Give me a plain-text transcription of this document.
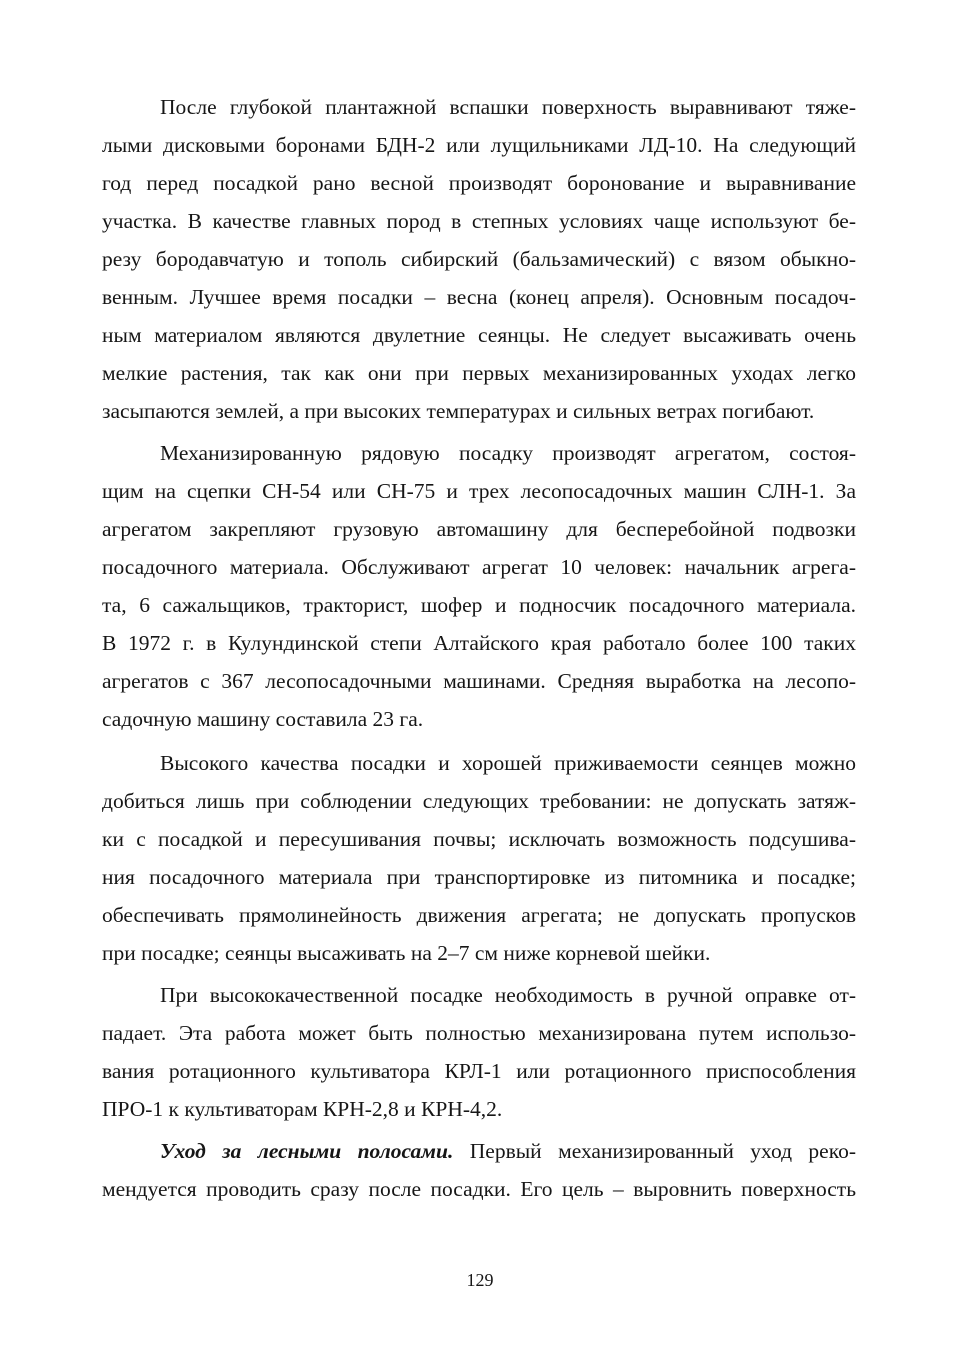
После глубокой плантажной вспашки поверхность выравнивают тяже-

лыми дисковыми боронами БДН-2 или лущильниками ЛД-10. На следующий

год перед посадкой рано весной производят боронование и выравнивание

участка. В качестве главных пород в степных условиях чаще используют бе-

резу бородавчатую и тополь сибирский (бальзамический) с вязом обыкно-

венным. Лучшее время посадки – весна (конец апреля). Основным посадоч-

ным материалом являются двулетние сеянцы. Не следует высаживать очень

мелкие растения, так как они при первых механизированных уходах легко

засыпаются землей, а при высоких температурах и сильных ветрах погибают.

Механизированную рядовую посадку производят агрегатом, состоя-

щим на сцепки СН-54 или СН-75 и трех лесопосадочных машин СЛН-1. За

агрегатом закрепляют грузовую автомашину для бесперебойной подвозки

посадочного материала. Обслуживают агрегат 10 человек: начальник агрега-

та, 6 сажальщиков, тракторист, шофер и подносчик посадочного материала.

В 1972 г. в Кулундинской степи Алтайского края работало более 100 таких

агрегатов с 367 лесопосадочными машинами. Средняя выработка на лесопо-

садочную машину составила 23 га.

Высокого качества посадки и хорошей приживаемости сеянцев можно

добиться лишь при соблюдении следующих требовании: не допускать затяж-

ки с посадкой и пересушивания почвы; исключать возможность подсушива-

ния посадочного материала при транспортировке из питомника и посадке;

обеспечивать прямолинейность движения агрегата; не допускать пропусков

при посадке; сеянцы высаживать на 2–7 см ниже корневой шейки.

При высококачественной посадке необходимость в ручной оправке от-

падает. Эта работа может быть полностью механизирована путем использо-

вания ротационного культиватора КРЛ-1 или ротационного приспособления

ПРО-1 к культиваторам КРН-2,8 и КРН-4,2.

Уход за лесными полосами. Первый механизированный уход реко-

мендуется проводить сразу после посадки. Его цель – выровнить поверхность

129
